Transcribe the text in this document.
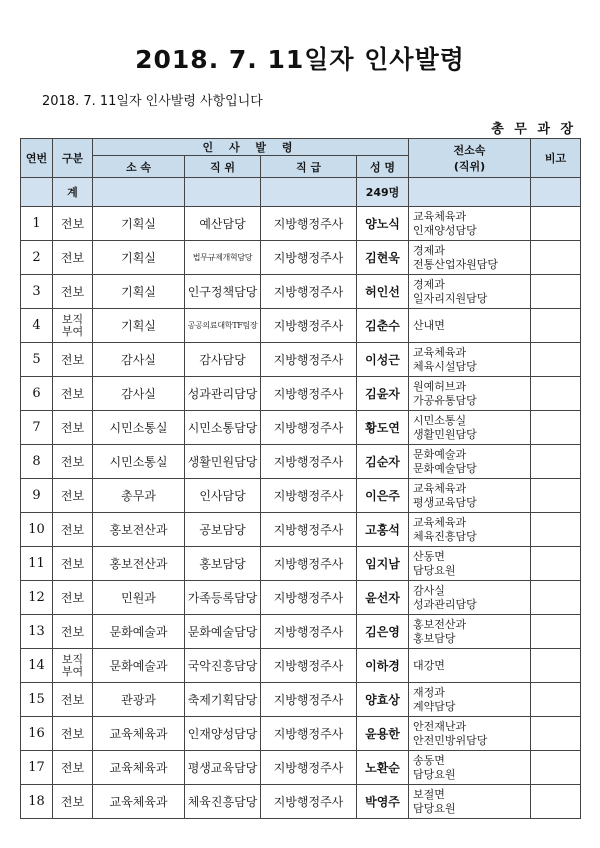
2018. 7. 11일자 인사발령
2018. 7. 11일자 인사발령 사항입니다
총 무 과 장
연번	구분	인 사 발 령				전소속
(직위)	비고
		소 속	직 위	직 급	성 명		
	계				249명		
1	전보	기획실	예산담당	지방행정주사	양노식	교육체육과
인재양성담당	

2	전보	기획실	법무규제개혁담당	지방행정주사	김현욱	경제과
전통산업자원담당	

3	전보	기획실	인구정책담당	지방행정주사	허인선	경제과
일자리지원담당	

4	보직
부여	기획실	공공의료대학TF팀장	지방행정주사	김춘수	산내면	

5	전보	감사실	감사담당	지방행정주사	이성근	교육체육과
체육시설담당	

6	전보	감사실	성과관리담당	지방행정주사	김윤자	원예허브과
가공유통담당	

7	전보	시민소통실	시민소통담당	지방행정주사	황도연	시민소통실
생활민원담당	

8	전보	시민소통실	생활민원담당	지방행정주사	김순자	문화예술과
문화예술담당	

9	전보	총무과	인사담당	지방행정주사	이은주	교육체육과
평생교육담당	

10	전보	홍보전산과	공보담당	지방행정주사	고홍석	교육체육과
체육진흥담당	

11	전보	홍보전산과	홍보담당	지방행정주사	임지남	산동면
담당요원	

12	전보	민원과	가족등록담당	지방행정주사	윤선자	감사실
성과관리담당	

13	전보	문화예술과	문화예술담당	지방행정주사	김은영	홍보전산과
홍보담당	

14	보직
부여	문화예술과	국악진흥담당	지방행정주사	이하경	대강면	

15	전보	관광과	축제기획담당	지방행정주사	양효상	재정과
계약담당	

16	전보	교육체육과	인재양성담당	지방행정주사	윤용한	안전재난과
안전민방위담당	

17	전보	교육체육과	평생교육담당	지방행정주사	노환순	송동면
담당요원	

18	전보	교육체육과	체육진흥담당	지방행정주사	박영주	보절면
담당요원	
